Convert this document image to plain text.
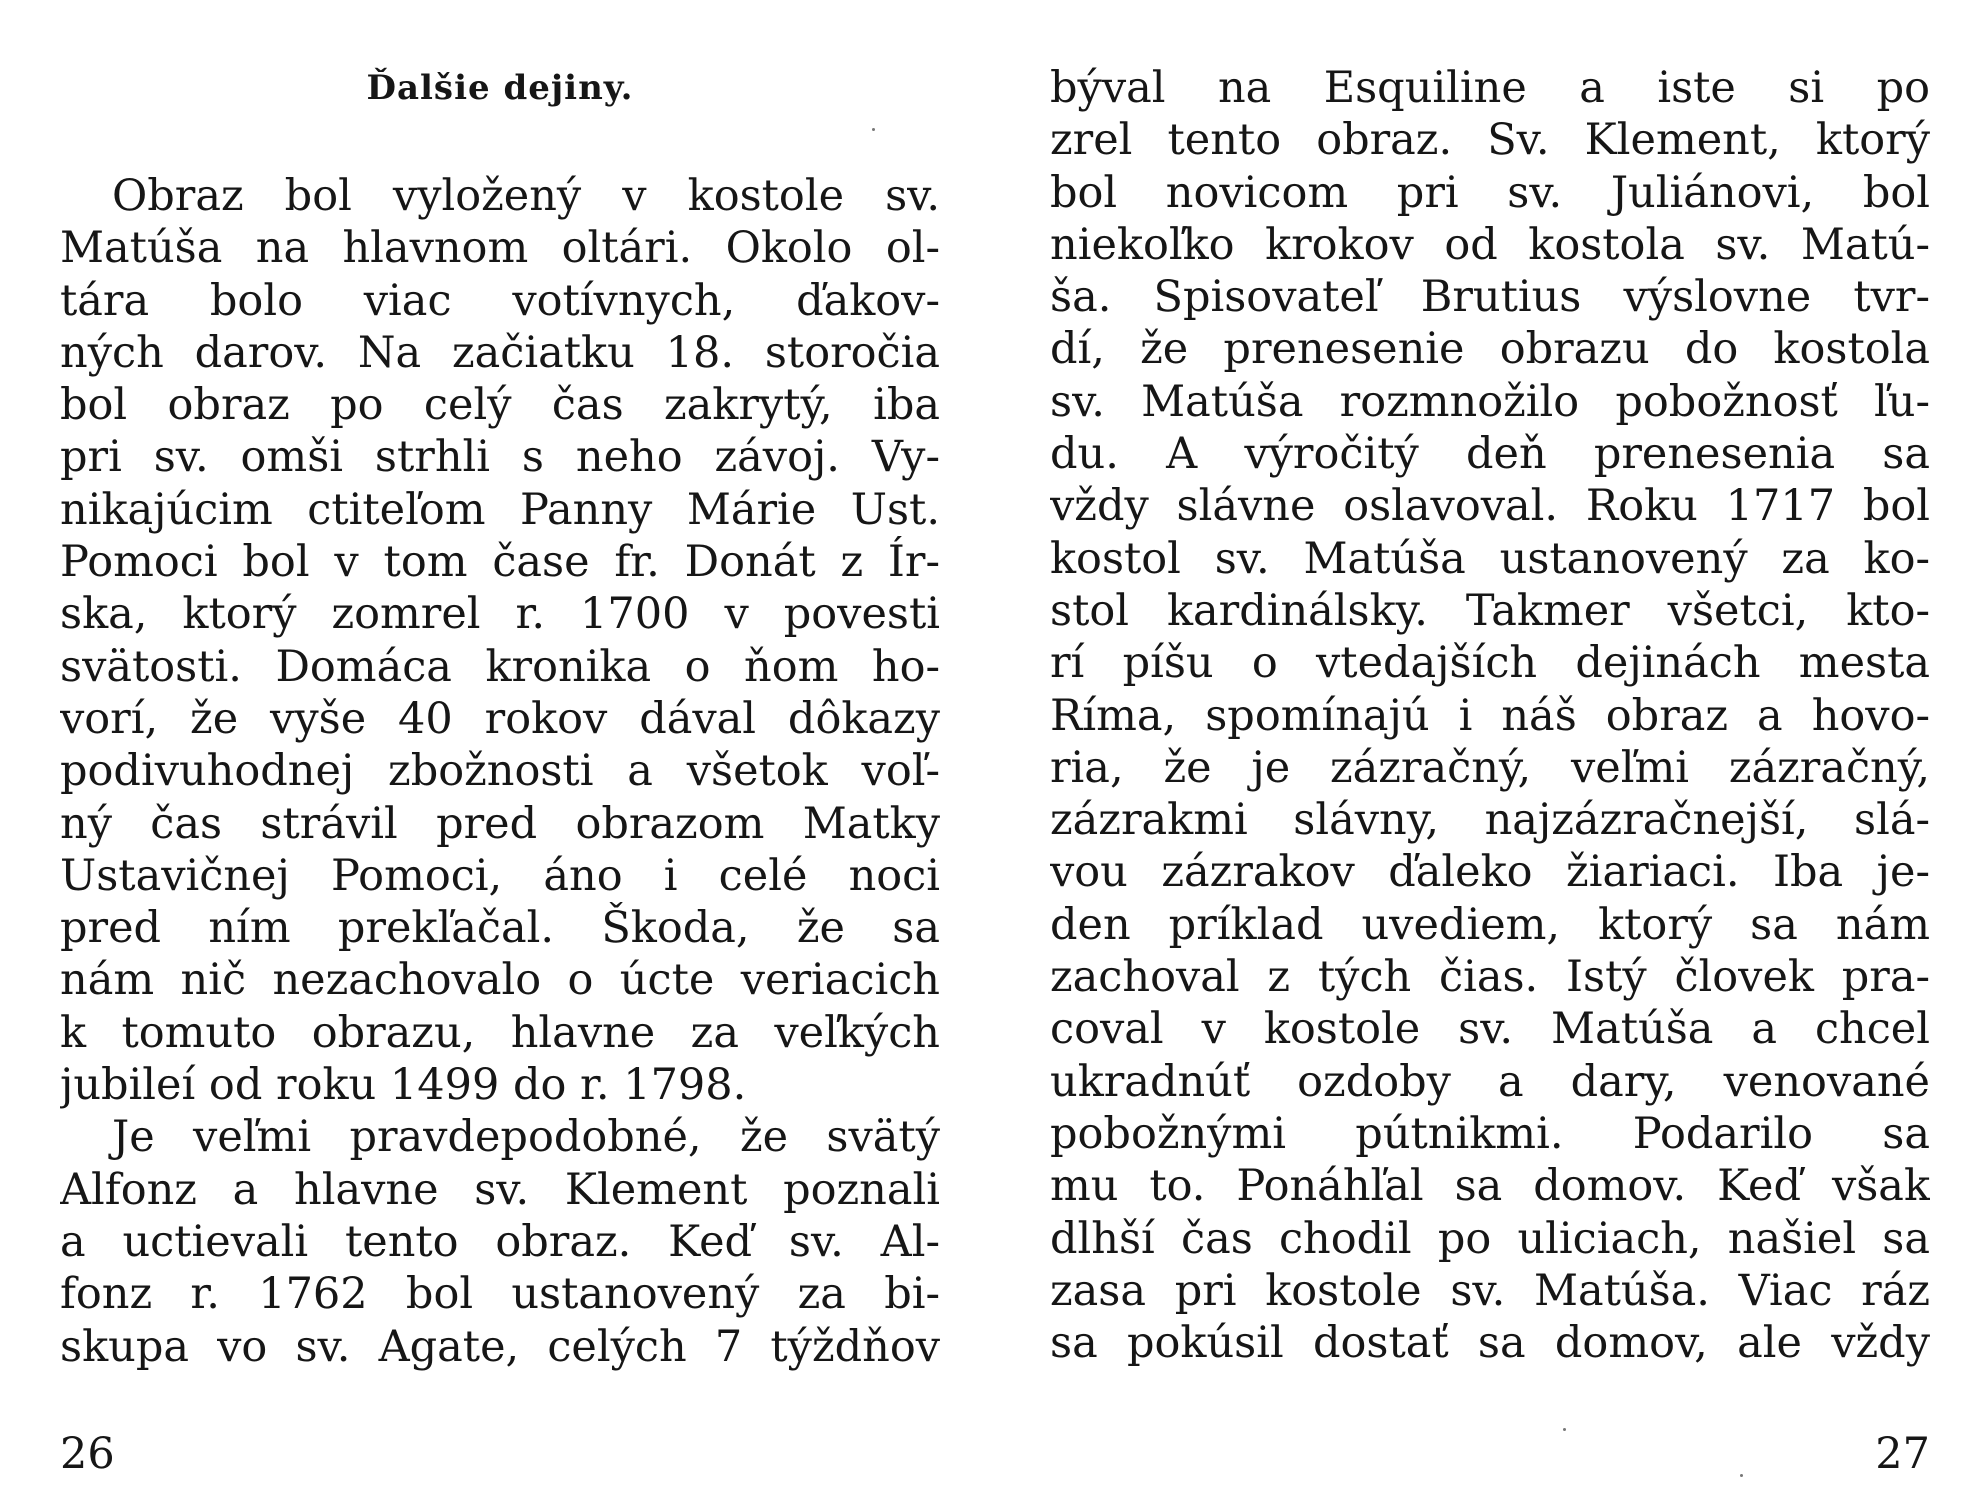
Ďalšie dejiny.
Obraz bol vyložený v kostole sv.
Matúša na hlavnom oltári. Okolo ol-
tára bolo viac votívnych, ďakov-
ných darov. Na začiatku 18. storočia
bol obraz po celý čas zakrytý, iba
pri sv. omši strhli s neho závoj. Vy-
nikajúcim ctiteľom Panny Márie Ust.
Pomoci bol v tom čase fr. Donát z Ír-
ska, ktorý zomrel r. 1700 v povesti
svätosti. Domáca kronika o ňom ho-
vorí, že vyše 40 rokov dával dôkazy
podivuhodnej zbožnosti a všetok voľ-
ný čas strávil pred obrazom Matky
Ustavičnej Pomoci, áno i celé noci
pred ním prekľačal. Škoda, že sa
nám nič nezachovalo o úcte veriacich
k tomuto obrazu, hlavne za veľkých
jubileí od roku 1499 do r. 1798.
Je veľmi pravdepodobné, že svätý
Alfonz a hlavne sv. Klement poznali
a uctievali tento obraz. Keď sv. Al-
fonz r. 1762 bol ustanovený za bi-
skupa vo sv. Agate, celých 7 týždňov
26
býval na Esquiline a iste si po
zrel tento obraz. Sv. Klement, ktorý
bol novicom pri sv. Juliánovi, bol
niekoľko krokov od kostola sv. Matú-
ša. Spisovateľ Brutius výslovne tvr-
dí, že prenesenie obrazu do kostola
sv. Matúša rozmnožilo pobožnosť ľu-
du. A výročitý deň prenesenia sa
vždy slávne oslavoval. Roku 1717 bol
kostol sv. Matúša ustanovený za ko-
stol kardinálsky. Takmer všetci, kto-
rí píšu o vtedajších dejinách mesta
Ríma, spomínajú i náš obraz a hovo-
ria, že je zázračný, veľmi zázračný,
zázrakmi slávny, najzázračnejší, slá-
vou zázrakov ďaleko žiariaci. Iba je-
den príklad uvediem, ktorý sa nám
zachoval z tých čias. Istý človek pra-
coval v kostole sv. Matúša a chcel
ukradnúť ozdoby a dary, venované
pobožnými pútnikmi. Podarilo sa
mu to. Ponáhľal sa domov. Keď však
dlhší čas chodil po uliciach, našiel sa
zasa pri kostole sv. Matúša. Viac ráz
sa pokúsil dostať sa domov, ale vždy
27
